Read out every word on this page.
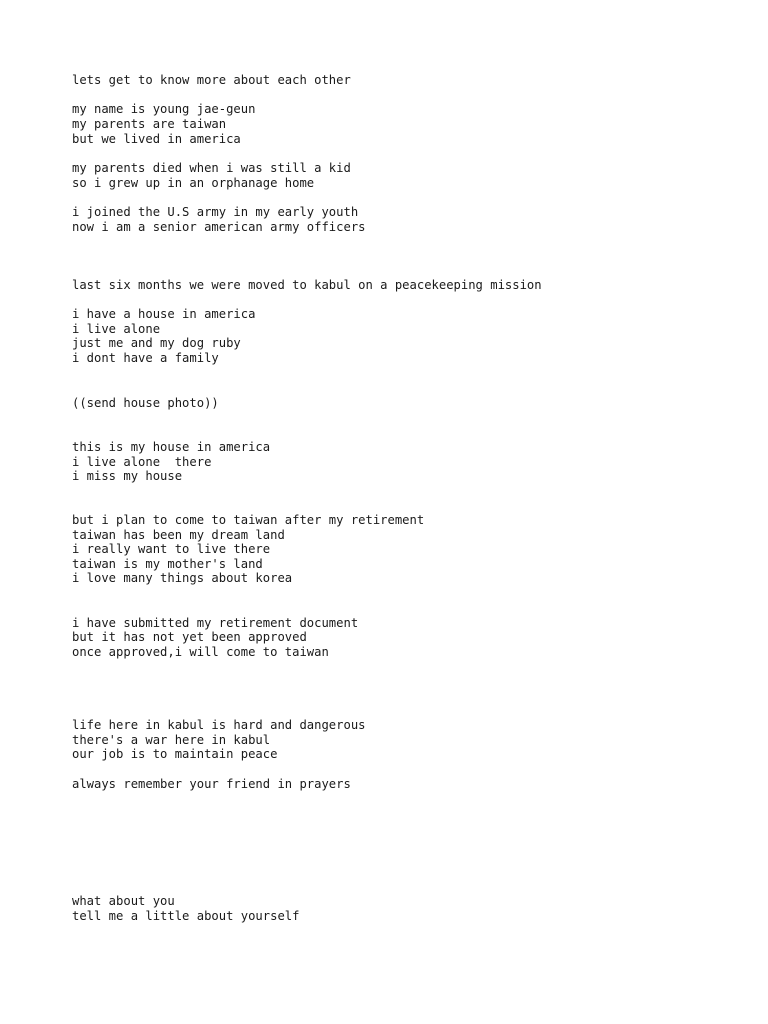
lets get to know more about each other

my name is young jae-geun

my parents are taiwan

but we lived in america

my parents died when i was still a kid

so i grew up in an orphanage home

i joined the U.S army in my early youth

now i am a senior american army officers

last six months we were moved to kabul on a peacekeeping mission

i have a house in america

i live alone

just me and my dog ruby

i dont have a family

((send house photo))

this is my house in america

i live alone  there

i miss my house

but i plan to come to taiwan after my retirement

taiwan has been my dream land

i really want to live there

taiwan is my mother's land

i love many things about korea

i have submitted my retirement document

but it has not yet been approved

once approved,i will come to taiwan

life here in kabul is hard and dangerous

there's a war here in kabul

our job is to maintain peace

always remember your friend in prayers

what about you

tell me a little about yourself
